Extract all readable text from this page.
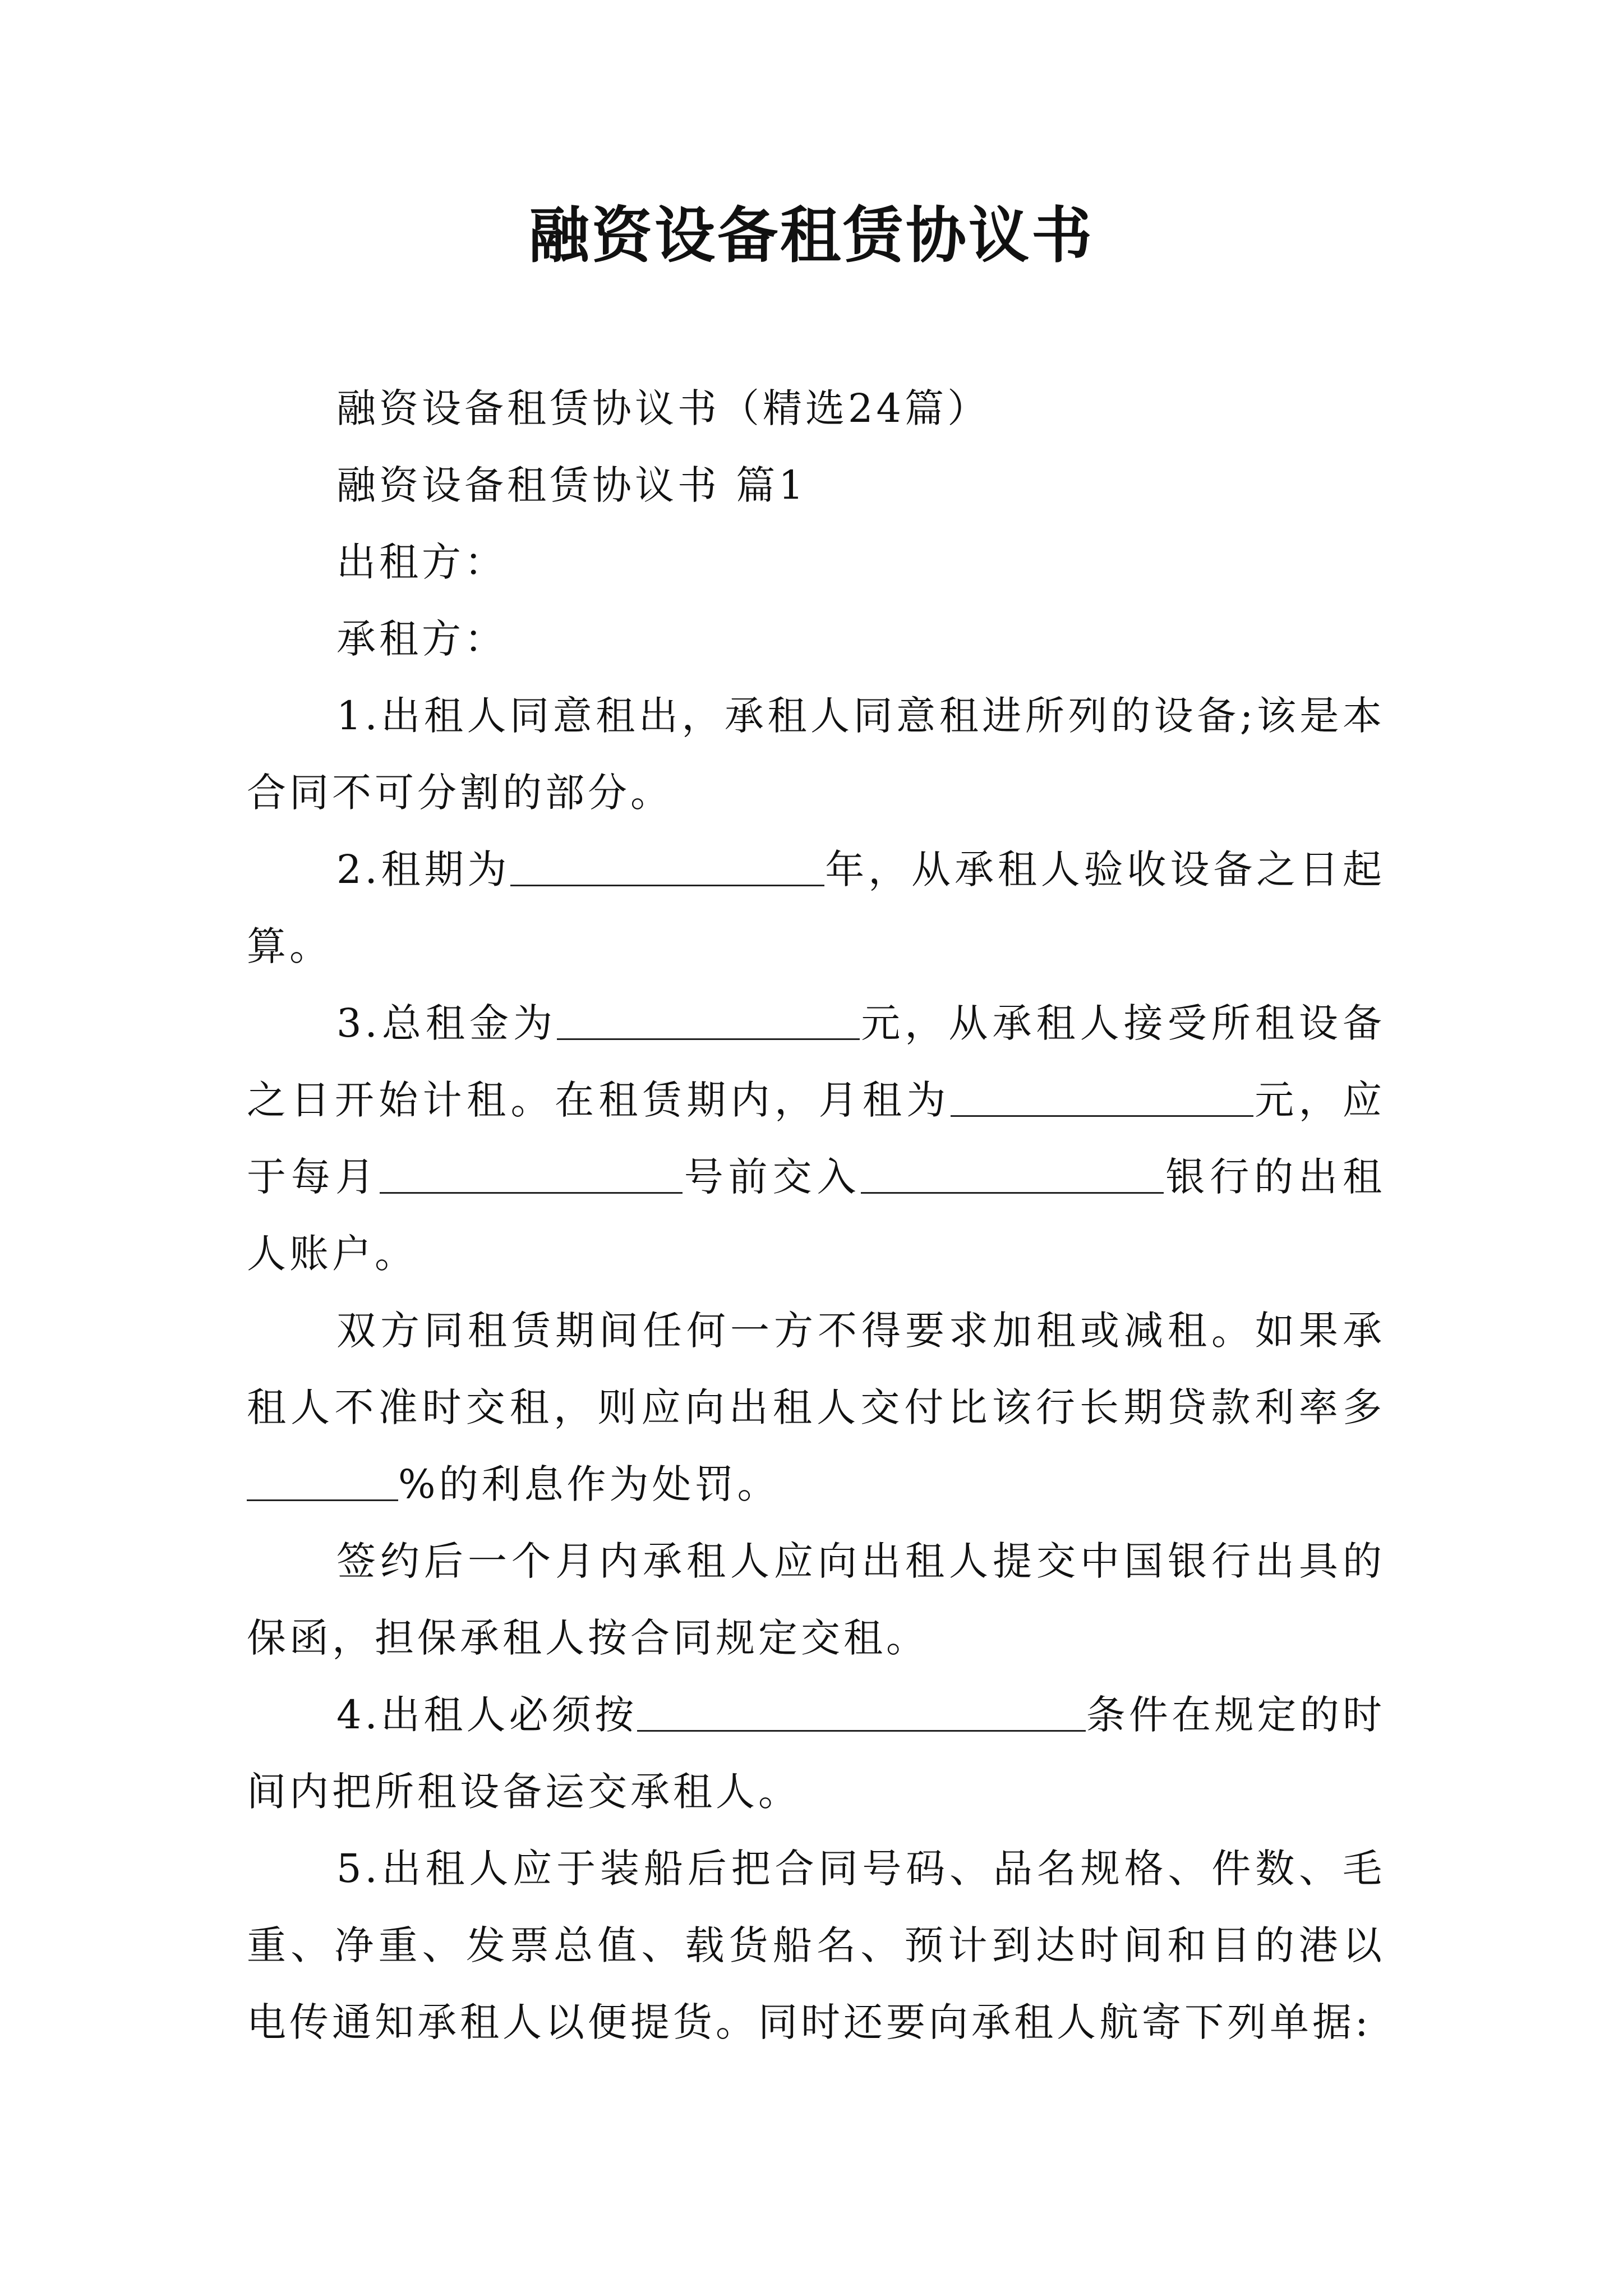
融资设备租赁协议书

融资设备租赁协议书（精选24篇）

融资设备租赁协议书 篇1

出租方：

承租方：

1.出租人同意租出，承租人同意租进所列的设备;该是本合同不可分割的部分。

2.租期为	年，从承租人验收设备之日起算。

3.总租金为	元，从承租人接受所租设备之日开始计租。在租赁期内，月租为	元，应于每月	号前交入	银行的出租人账户。

双方同租赁期间任何一方不得要求加租或减租。如果承租人不准时交租，则应向出租人交付比该行长期贷款利率多%的利息作为处罚。

签约后一个月内承租人应向出租人提交中国银行出具的保函，担保承租人按合同规定交租。

4.出租人必须按	条件在规定的时间内把所租设备运交承租人。

5.出租人应于装船后把合同号码、品名规格、件数、毛重、净重、发票总值、载货船名、预计到达时间和目的港以电传通知承租人以便提货。同时还要向承租人航寄下列单据:
